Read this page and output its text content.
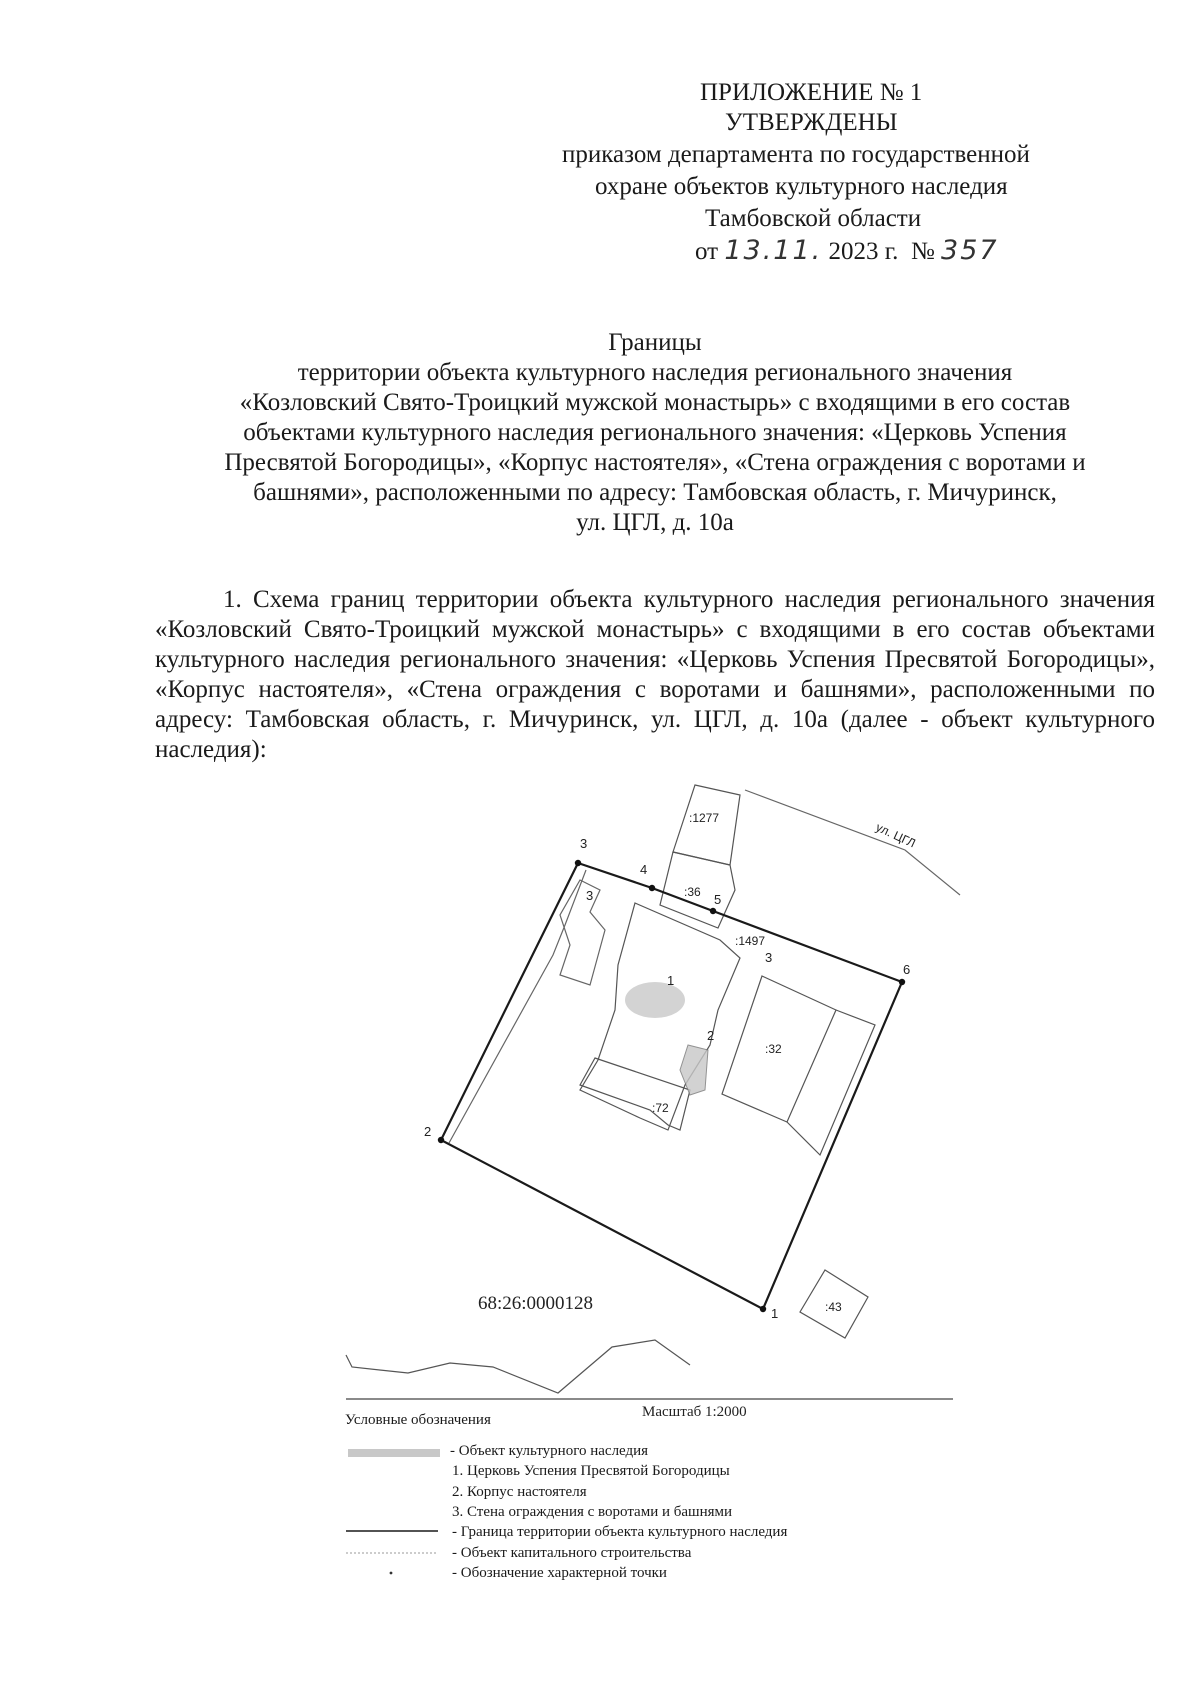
ПРИЛОЖЕНИЕ № 1
УТВЕРЖДЕНЫ
приказом департамента по государственной
охране объектов культурного наследия
Тамбовской области
от 13.11. 2023 г. № 357
Границы
территории объекта культурного наследия регионального значения
«Козловский Свято-Троицкий мужской монастырь» с входящими в его состав
объектами культурного наследия регионального значения: «Церковь Успения
Пресвятой Богородицы», «Корпус настоятеля», «Стена ограждения с воротами и
башнями», расположенными по адресу: Тамбовская область, г. Мичуринск,
ул. ЦГЛ, д. 10а
1. Схема границ территории объекта культурного наследия регионального значения «Козловский Свято-Троицкий мужской монастырь» с входящими в его состав объектами культурного наследия регионального значения: «Церковь Успения Пресвятой Богородицы», «Корпус настоятеля», «Стена ограждения с воротами и башнями», расположенными по адресу: Тамбовская область, г. Мичуринск, ул. ЦГЛ, д. 10а (далее - объект культурного наследия):
ул. ЦГЛ
:1277
:36
:32
:72
:1497
:43
1
2
3
3
1
2
3
4
5
6
68:26:0000128
Масштаб 1:2000
Условные обозначения
- Объект культурного наследия
1. Церковь Успения Пресвятой Богородицы
2. Корпус настоятеля
3. Стена ограждения с воротами и башнями
- Граница территории объекта культурного наследия
- Объект капитального строительства
- Обозначение характерной точки
